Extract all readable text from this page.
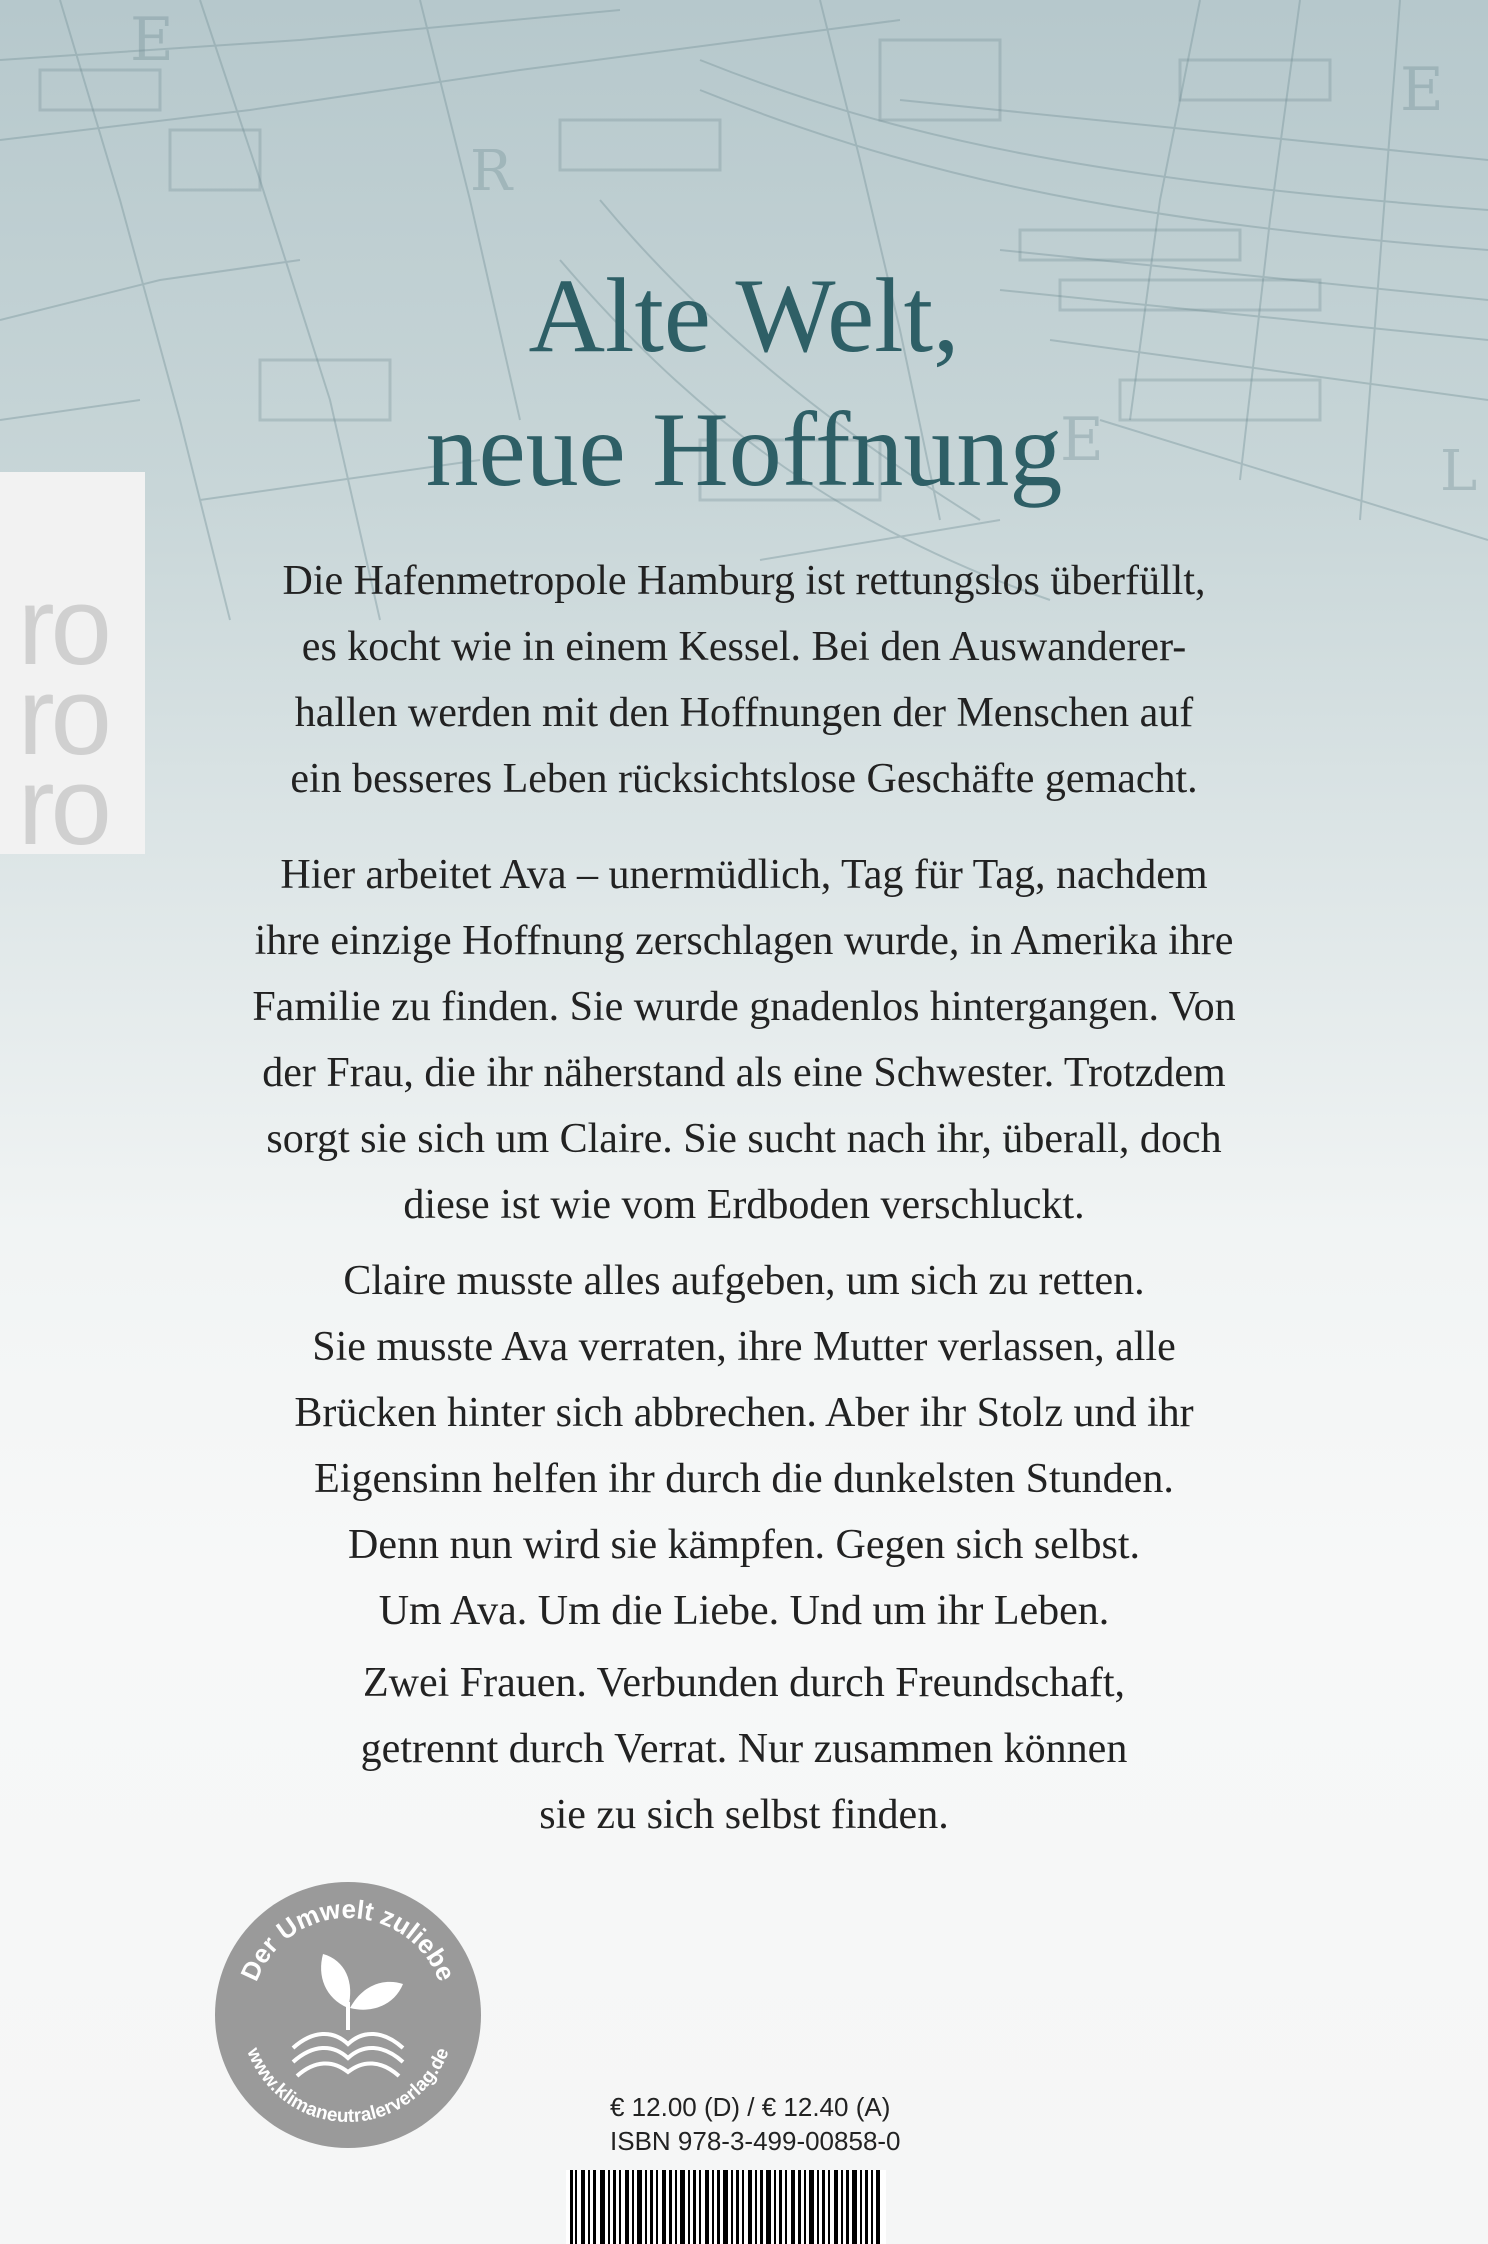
E
E
R
E	L
Alte Welt,
neue Hoffnung
ro
ro
ro
Die Hafenmetropole Hamburg ist rettungslos überfüllt,
es kocht wie in einem Kessel. Bei den Auswanderer-
hallen werden mit den Hoffnungen der Menschen auf
ein besseres Leben rücksichtslose Geschäfte gemacht.
Hier arbeitet Ava – unermüdlich, Tag für Tag, nachdem
ihre einzige Hoffnung zerschlagen wurde, in Amerika ihre
Familie zu finden. Sie wurde gnadenlos hintergangen. Von
der Frau, die ihr näherstand als eine Schwester. Trotzdem
sorgt sie sich um Claire. Sie sucht nach ihr, überall, doch
diese ist wie vom Erdboden verschluckt.
Claire musste alles aufgeben, um sich zu retten.
Sie musste Ava verraten, ihre Mutter verlassen, alle
Brücken hinter sich abbrechen. Aber ihr Stolz und ihr
Eigensinn helfen ihr durch die dunkelsten Stunden.
Denn nun wird sie kämpfen. Gegen sich selbst.
Um Ava. Um die Liebe. Und um ihr Leben.
Zwei Frauen. Verbunden durch Freundschaft,
getrennt durch Verrat. Nur zusammen können
sie zu sich selbst finden.
Der Umwelt zuliebe
www.klimaneutralerverlag.de
€ 12.00 (D) / € 12.40 (A)
ISBN 978-3-499-00858-0
